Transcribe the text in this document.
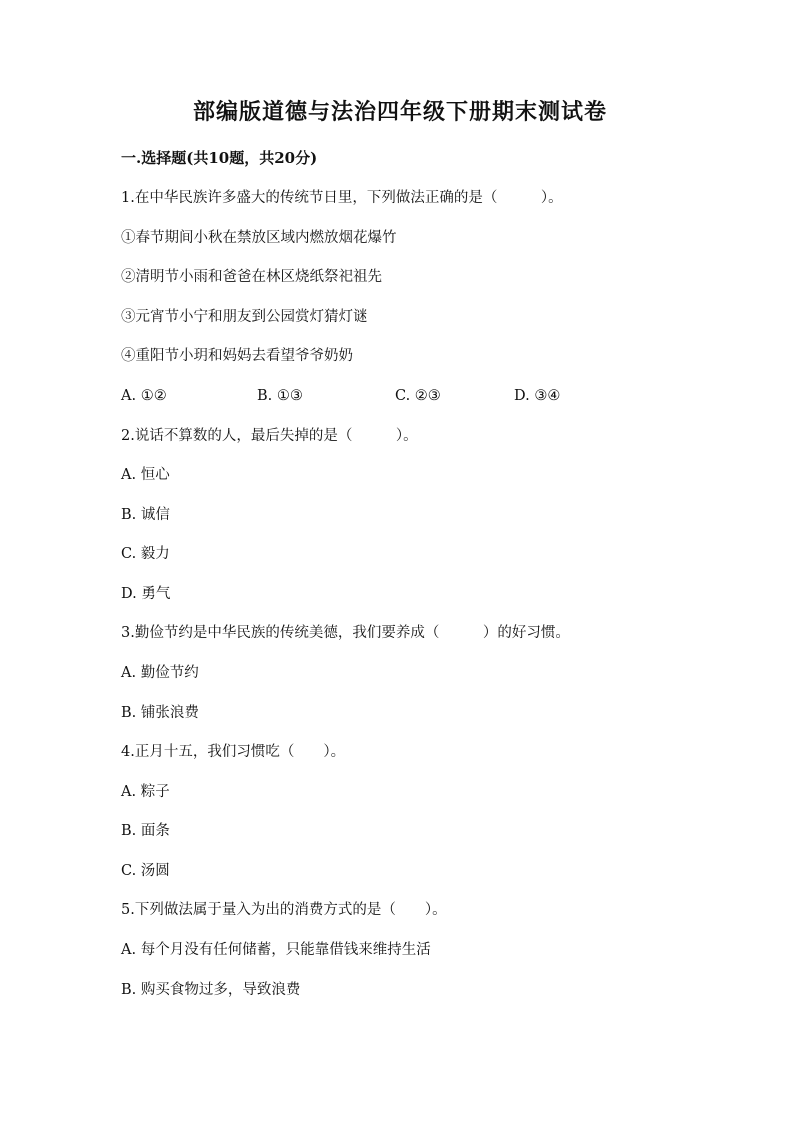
部编版道德与法治四年级下册期末测试卷
一.选择题(共10题，共20分)
1.在中华民族许多盛大的传统节日里，下列做法正确的是（　　　）。
①春节期间小秋在禁放区域内燃放烟花爆竹
②清明节小雨和爸爸在林区烧纸祭祀祖先
③元宵节小宁和朋友到公园赏灯猜灯谜
④重阳节小玥和妈妈去看望爷爷奶奶
A. ①②	B. ①③	C. ②③	D. ③④
2.说话不算数的人，最后失掉的是（　　　）。
A. 恒心
B. 诚信
C. 毅力
D. 勇气
3.勤俭节约是中华民族的传统美德，我们要养成（　　　）的好习惯。
A. 勤俭节约
B. 铺张浪费
4.正月十五，我们习惯吃（　　）。
A. 粽子
B. 面条
C. 汤圆
5.下列做法属于量入为出的消费方式的是（　　）。
A. 每个月没有任何储蓄，只能靠借钱来维持生活
B. 购买食物过多，导致浪费
